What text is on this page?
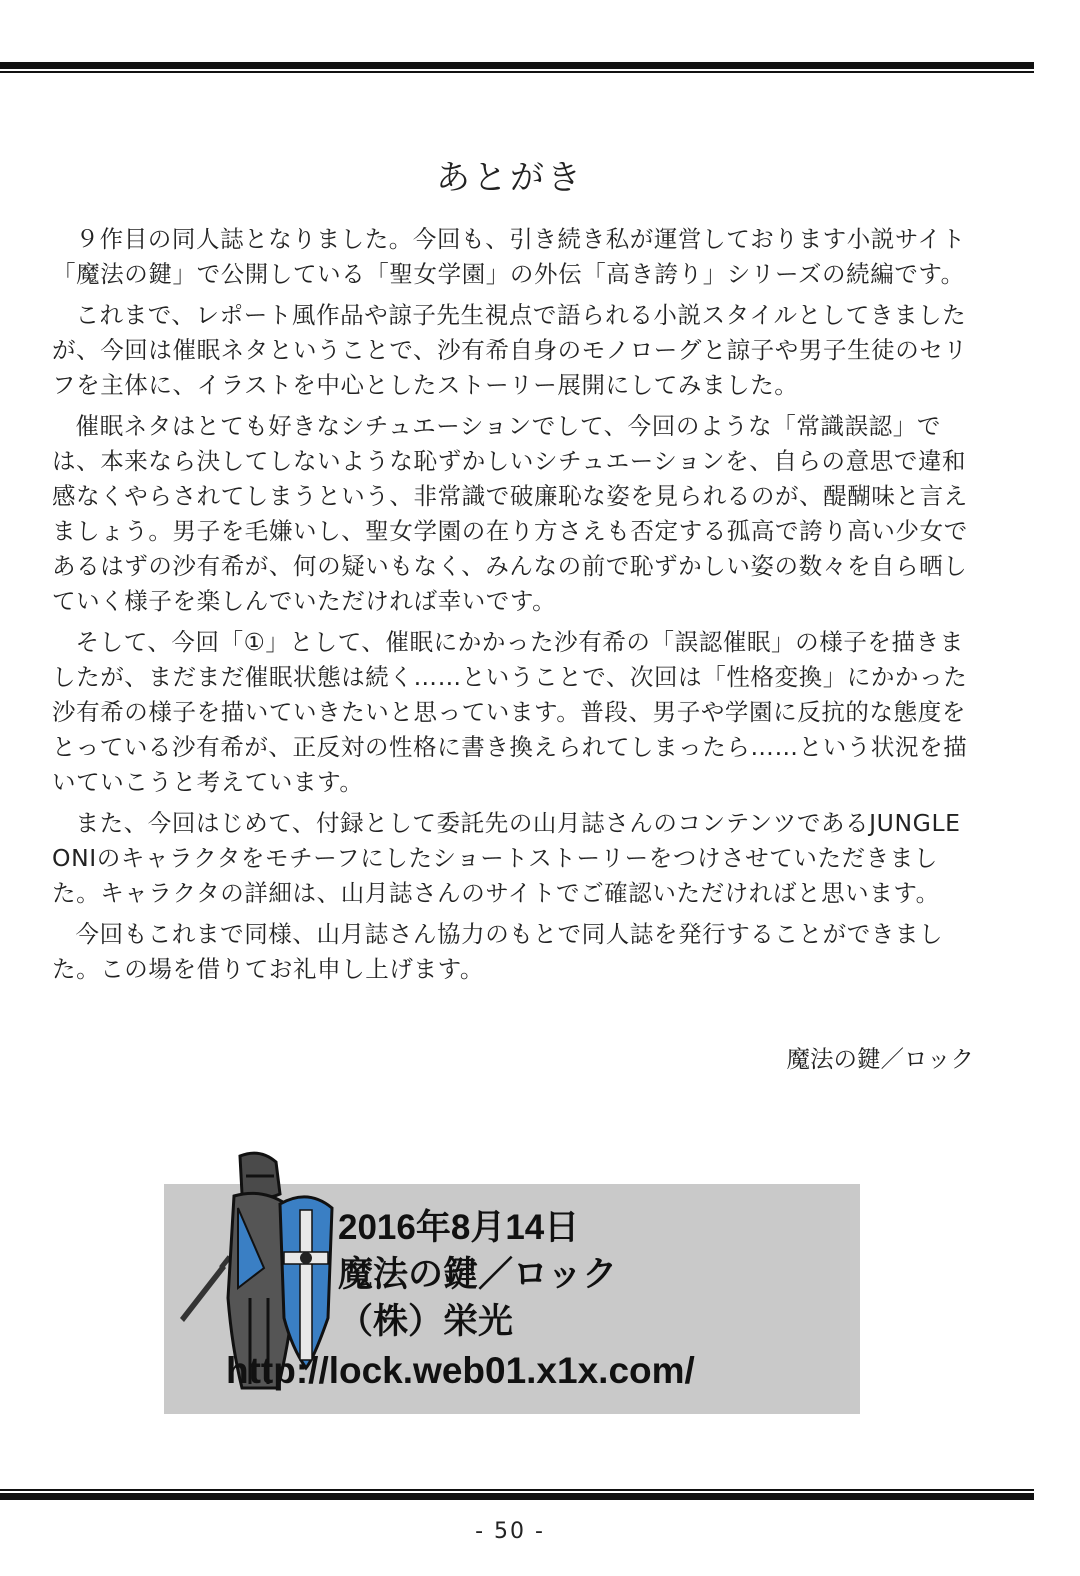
あとがき

９作目の同人誌となりました。今回も、引き続き私が運営しております小説サイト「魔法の鍵」で公開している「聖女学園」の外伝「高き誇り」シリーズの続編です。

これまで、レポート風作品や諒子先生視点で語られる小説スタイルとしてきましたが、今回は催眠ネタということで、沙有希自身のモノローグと諒子や男子生徒のセリフを主体に、イラストを中心としたストーリー展開にしてみました。

催眠ネタはとても好きなシチュエーションでして、今回のような「常識誤認」では、本来なら決してしないような恥ずかしいシチュエーションを、自らの意思で違和感なくやらされてしまうという、非常識で破廉恥な姿を見られるのが、醍醐味と言えましょう。男子を毛嫌いし、聖女学園の在り方さえも否定する孤高で誇り高い少女であるはずの沙有希が、何の疑いもなく、みんなの前で恥ずかしい姿の数々を自ら晒していく様子を楽しんでいただければ幸いです。

そして、今回「①」として、催眠にかかった沙有希の「誤認催眠」の様子を描きましたが、まだまだ催眠状態は続く……ということで、次回は「性格変換」にかかった沙有希の様子を描いていきたいと思っています。普段、男子や学園に反抗的な態度をとっている沙有希が、正反対の性格に書き換えられてしまったら……という状況を描いていこうと考えています。

また、今回はじめて、付録として委託先の山月誌さんのコンテンツであるJUNGLE ONIのキャラクタをモチーフにしたショートストーリーをつけさせていただきました。キャラクタの詳細は、山月誌さんのサイトでご確認いただければと思います。

今回もこれまで同様、山月誌さん協力のもとで同人誌を発行することができました。この場を借りてお礼申し上げます。

魔法の鍵／ロック
2016年8月14日
魔法の鍵／ロック
（株）栄光
http://lock.web01.x1x.com/
- 50 -
